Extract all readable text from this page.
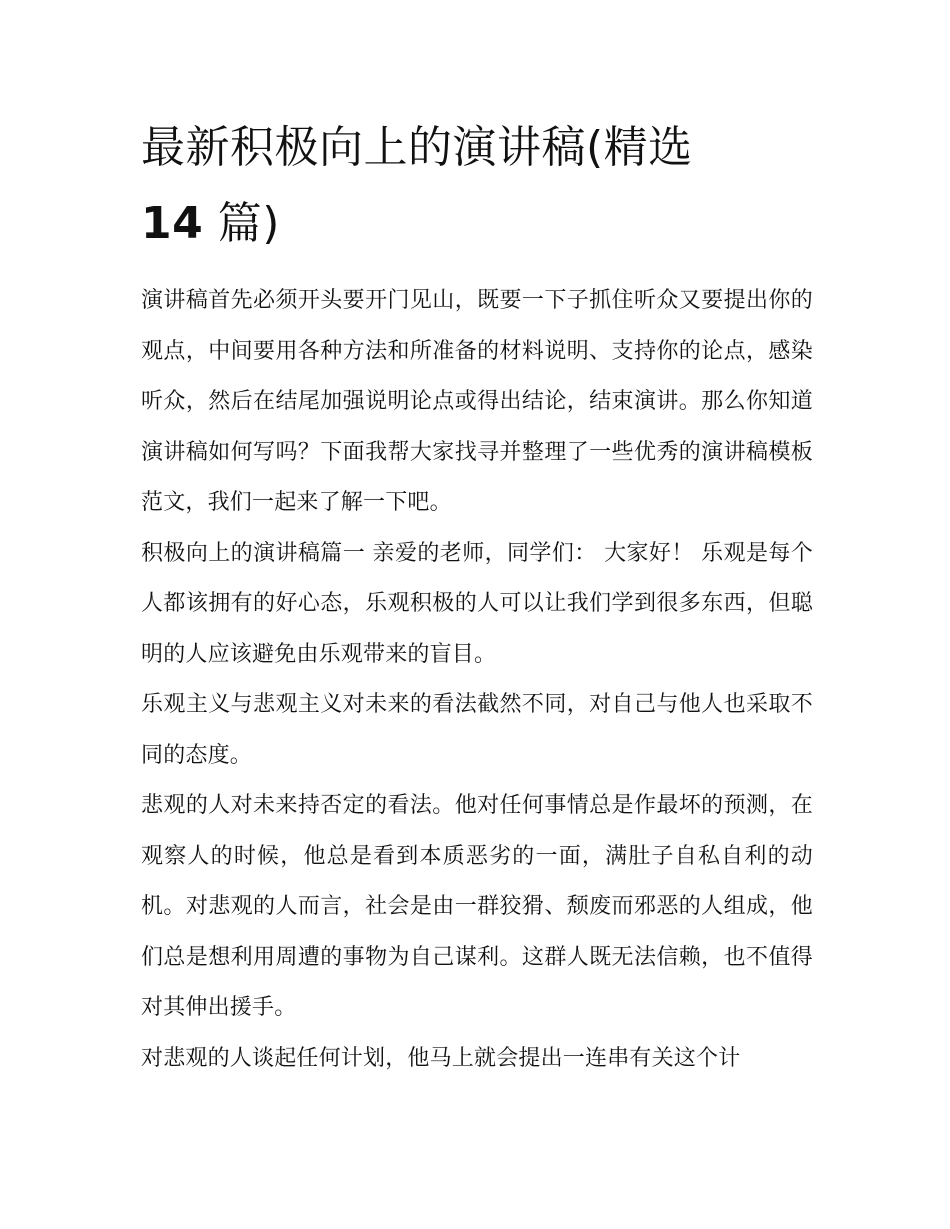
最新积极向上的演讲稿(精选
14 篇)

演讲稿首先必须开头要开门见山，既要一下子抓住听众又要提出你的观点，中间要用各种方法和所准备的材料说明、支持你的论点，感染听众，然后在结尾加强说明论点或得出结论，结束演讲。那么你知道演讲稿如何写吗？下面我帮大家找寻并整理了一些优秀的演讲稿模板范文，我们一起来了解一下吧。

积极向上的演讲稿篇一 亲爱的老师，同学们： 大家好！ 乐观是每个人都该拥有的好心态，乐观积极的人可以让我们学到很多东西，但聪明的人应该避免由乐观带来的盲目。

乐观主义与悲观主义对未来的看法截然不同，对自己与他人也采取不同的态度。

悲观的人对未来持否定的看法。他对任何事情总是作最坏的预测，在观察人的时候，他总是看到本质恶劣的一面，满肚子自私自利的动机。对悲观的人而言，社会是由一群狡猾、颓废而邪恶的人组成，他们总是想利用周遭的事物为自己谋利。这群人既无法信赖，也不值得对其伸出援手。

对悲观的人谈起任何计划，他马上就会提出一连串有关这个计
